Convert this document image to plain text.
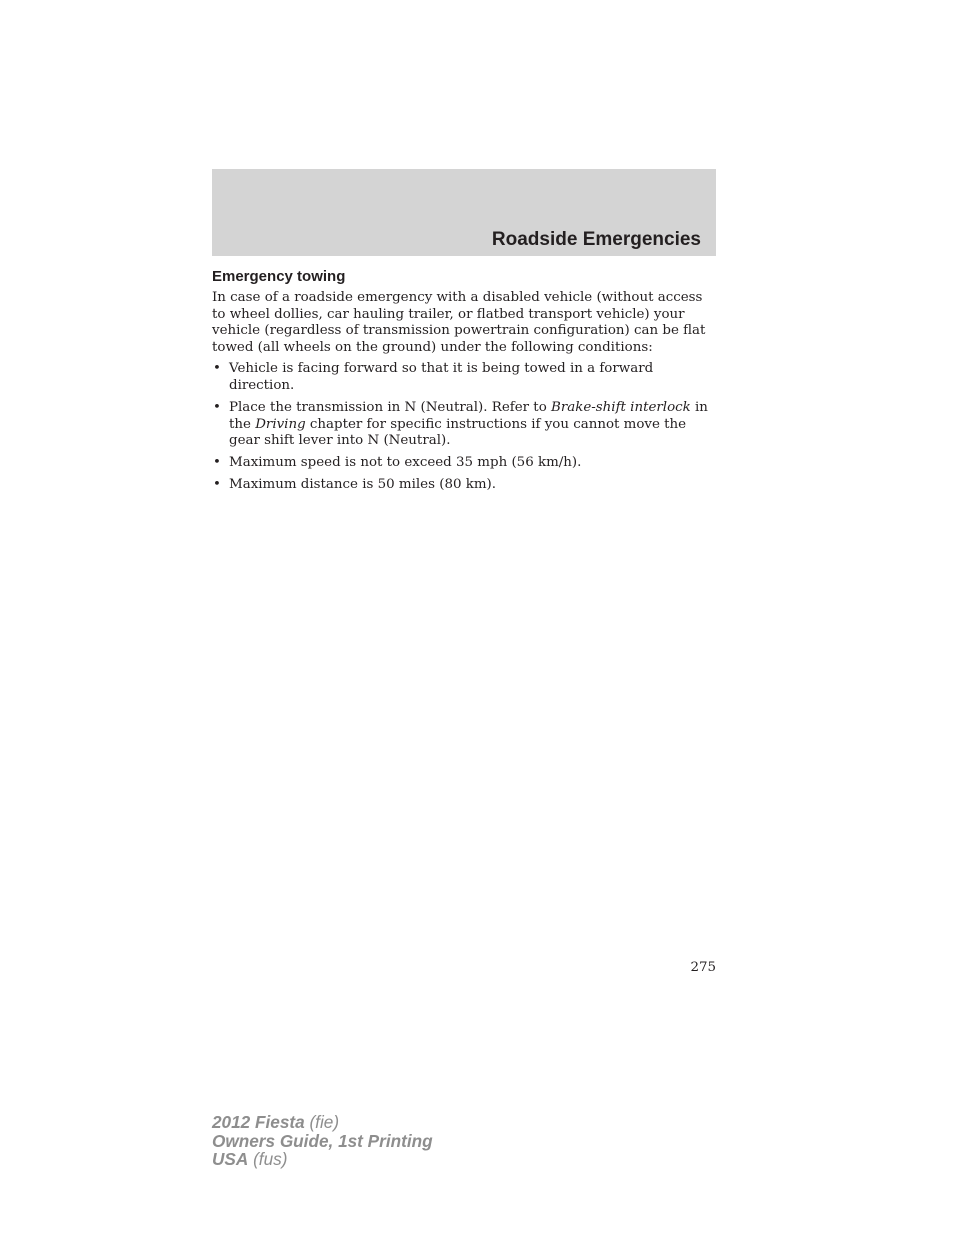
Roadside Emergencies
Emergency towing

In case of a roadside emergency with a disabled vehicle (without access to wheel dollies, car hauling trailer, or flatbed transport vehicle) your vehicle (regardless of transmission powertrain configuration) can be flat towed (all wheels on the ground) under the following conditions:

• Vehicle is facing forward so that it is being towed in a forward direction.
• Place the transmission in N (Neutral). Refer to Brake-shift interlock in the Driving chapter for specific instructions if you cannot move the gear shift lever into N (Neutral).
• Maximum speed is not to exceed 35 mph (56 km/h).
• Maximum distance is 50 miles (80 km).
275
2012 Fiesta (fie)
Owners Guide, 1st Printing
USA (fus)
